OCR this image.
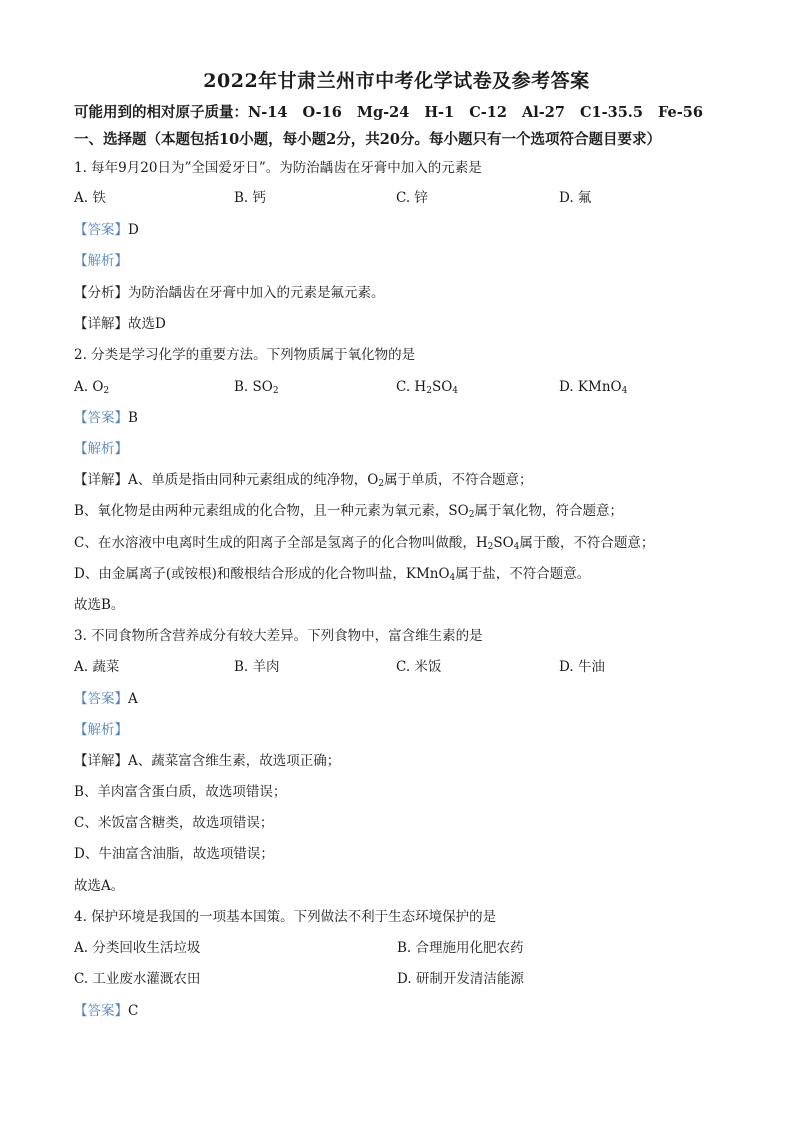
2022年甘肃兰州市中考化学试卷及参考答案
可能用到的相对原子质量：N-14 O-16 Mg-24 H-1 C-12 Al-27 C1-35.5 Fe-56
一、选择题（本题包括10小题，每小题2分，共20分。每小题只有一个选项符合题目要求）
1. 每年9月20日为”全国爱牙日”。为防治龋齿在牙膏中加入的元素是
A. 铁	B. 钙	C. 锌	D. 氟
【答案】D
【解析】
【分析】为防治龋齿在牙膏中加入的元素是氟元素。
【详解】故选D
2. 分类是学习化学的重要方法。下列物质属于氧化物的是
A. $O_2$	B. $SO_2$	C. $H_2SO_4$	D. KMnO$_4$
【答案】B
【解析】
【详解】A、单质是指由同种元素组成的纯净物，$O_2$属于单质，不符合题意；
B、氧化物是由两种元素组成的化合物，且一种元素为氧元素，$SO_2$属于氧化物，符合题意；
C、在水溶液中电离时生成的阳离子全部是氢离子的化合物叫做酸，$H_2SO_4$属于酸，不符合题意；
D、由金属离子(或铵根)和酸根结合形成的化合物叫盐，KMnO$_4$属于盐，不符合题意。
故选B。
3. 不同食物所含营养成分有较大差异。下列食物中，富含维生素的是
A. 蔬菜	B. 羊肉	C. 米饭	D. 牛油
【答案】A
【解析】
【详解】A、蔬菜富含维生素，故选项正确；
B、羊肉富含蛋白质，故选项错误；
C、米饭富含糖类，故选项错误；
D、牛油富含油脂，故选项错误；
故选A。
4. 保护环境是我国的一项基本国策。下列做法不利于生态环境保护的是
A. 分类回收生活垃圾	B. 合理施用化肥农药
C. 工业废水灌溉农田	D. 研制开发清洁能源
【答案】C
